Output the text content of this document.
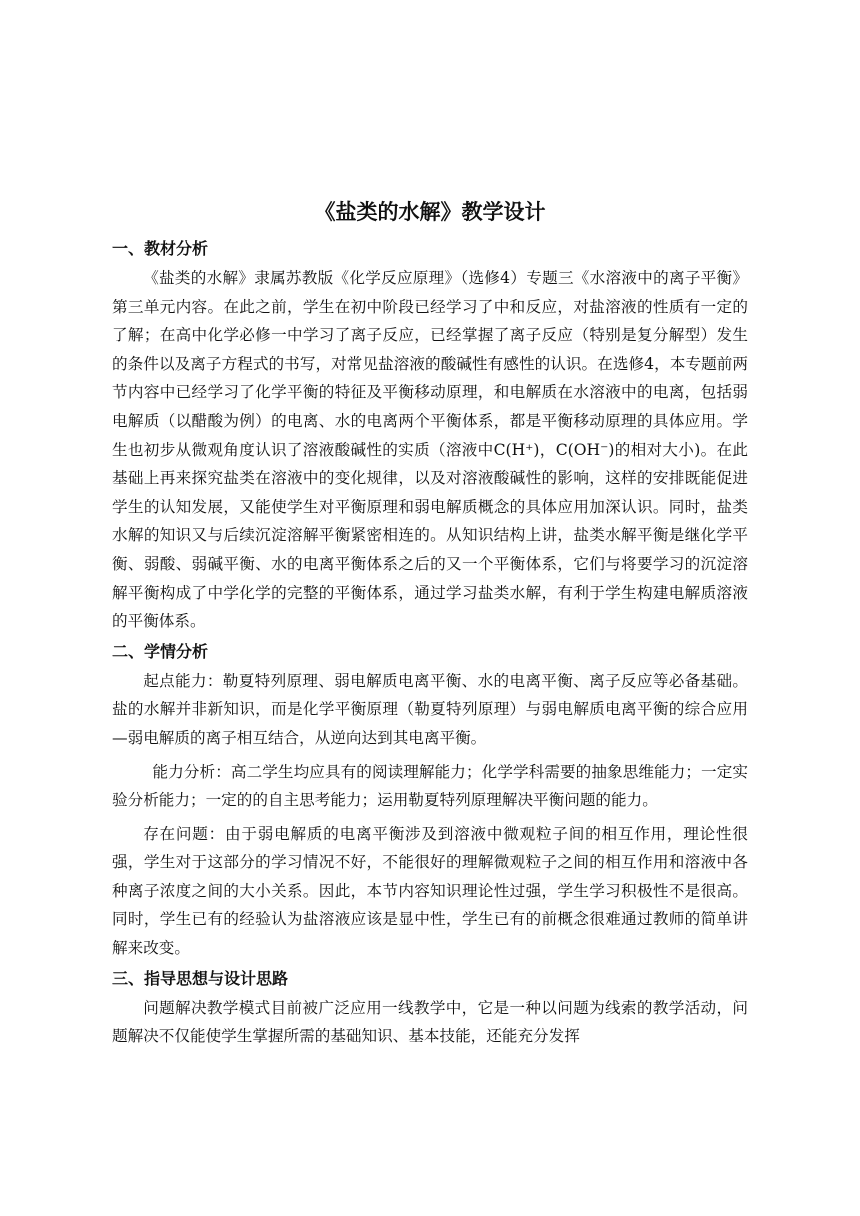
《盐类的水解》教学设计
一、教材分析

《盐类的水解》隶属苏教版《化学反应原理》（选修4）专题三《水溶液中的离子平衡》第三单元内容。在此之前，学生在初中阶段已经学习了中和反应，对盐溶液的性质有一定的了解；在高中化学必修一中学习了离子反应，已经掌握了离子反应（特别是复分解型）发生的条件以及离子方程式的书写，对常见盐溶液的酸碱性有感性的认识。在选修4，本专题前两节内容中已经学习了化学平衡的特征及平衡移动原理，和电解质在水溶液中的电离，包括弱电解质（以醋酸为例）的电离、水的电离两个平衡体系，都是平衡移动原理的具体应用。学生也初步从微观角度认识了溶液酸碱性的实质（溶液中C(H⁺)，C(OH⁻)的相对大小)。在此基础上再来探究盐类在溶液中的变化规律，以及对溶液酸碱性的影响，这样的安排既能促进学生的认知发展，又能使学生对平衡原理和弱电解质概念的具体应用加深认识。同时，盐类水解的知识又与后续沉淀溶解平衡紧密相连的。从知识结构上讲，盐类水解平衡是继化学平衡、弱酸、弱碱平衡、水的电离平衡体系之后的又一个平衡体系，它们与将要学习的沉淀溶解平衡构成了中学化学的完整的平衡体系，通过学习盐类水解，有利于学生构建电解质溶液的平衡体系。

二、学情分析

起点能力：勒夏特列原理、弱电解质电离平衡、水的电离平衡、离子反应等必备基础。盐的水解并非新知识，而是化学平衡原理（勒夏特列原理）与弱电解质电离平衡的综合应用—弱电解质的离子相互结合，从逆向达到其电离平衡。

能力分析：高二学生均应具有的阅读理解能力；化学学科需要的抽象思维能力；一定实验分析能力；一定的的自主思考能力；运用勒夏特列原理解决平衡问题的能力。

存在问题：由于弱电解质的电离平衡涉及到溶液中微观粒子间的相互作用，理论性很强，学生对于这部分的学习情况不好，不能很好的理解微观粒子之间的相互作用和溶液中各种离子浓度之间的大小关系。因此，本节内容知识理论性过强，学生学习积极性不是很高。同时，学生已有的经验认为盐溶液应该是显中性，学生已有的前概念很难通过教师的简单讲解来改变。

三、指导思想与设计思路

问题解决教学模式目前被广泛应用一线教学中，它是一种以问题为线索的教学活动，问题解决不仅能使学生掌握所需的基础知识、基本技能，还能充分发挥
